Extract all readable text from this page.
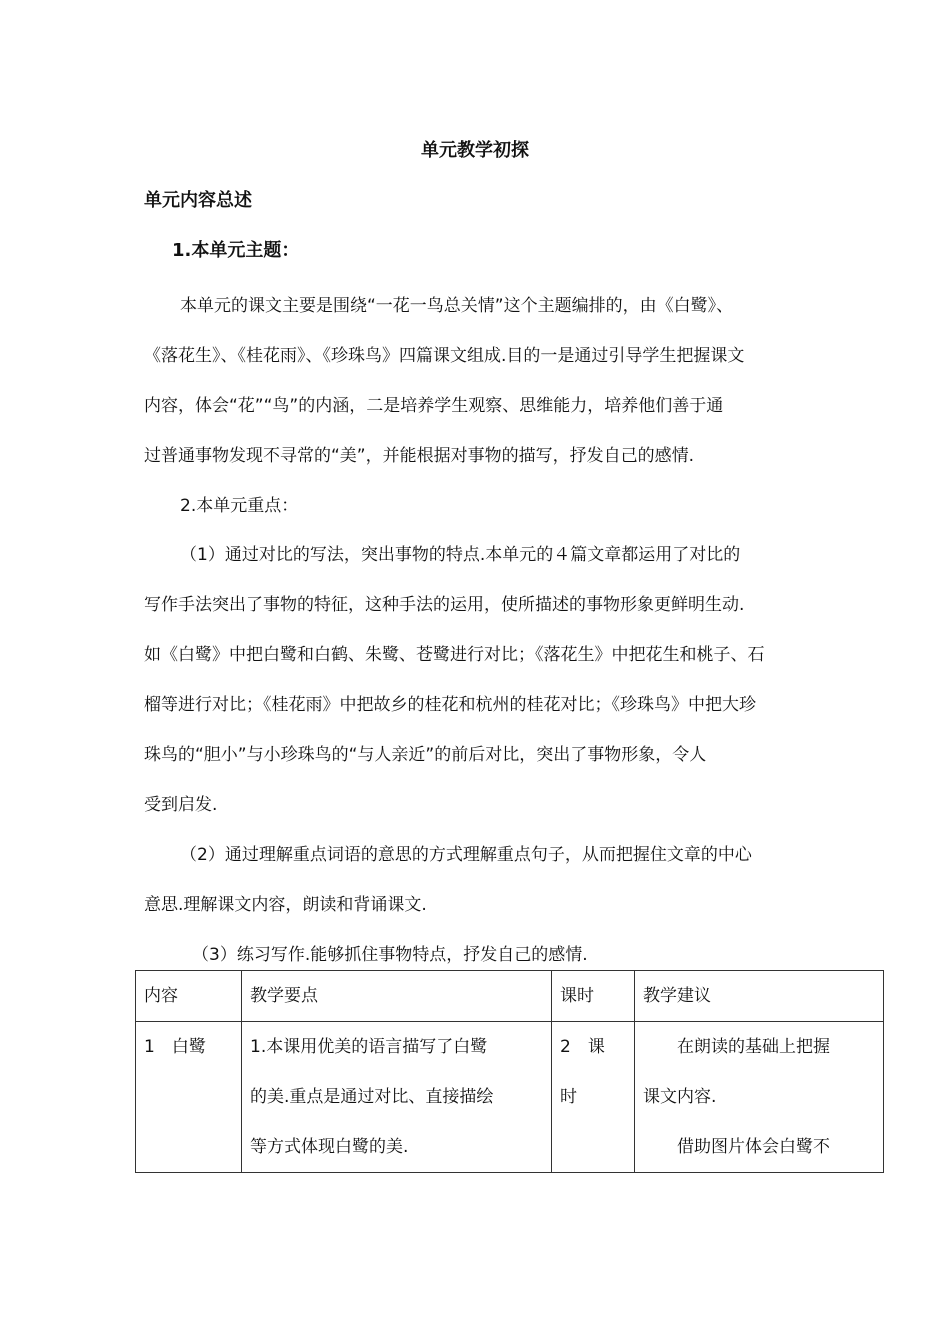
单元教学初探
单元内容总述
1.本单元主题：
本单元的课文主要是围绕“一花一鸟总关情”这个主题编排的，由《白鹭》、
《落花生》、《桂花雨》、《珍珠鸟》四篇课文组成.目的一是通过引导学生把握课文
内容，体会“花”“鸟”的内涵，二是培养学生观察、思维能力，培养他们善于通
过普通事物发现不寻常的“美”，并能根据对事物的描写，抒发自己的感情.
2.本单元重点：
（1）通过对比的写法，突出事物的特点.本单元的４篇文章都运用了对比的
写作手法突出了事物的特征，这种手法的运用，使所描述的事物形象更鲜明生动.
如《白鹭》中把白鹭和白鹤、朱鹭、苍鹭进行对比；《落花生》中把花生和桃子、石
榴等进行对比；《桂花雨》中把故乡的桂花和杭州的桂花对比；《珍珠鸟》中把大珍
珠鸟的“胆小”与小珍珠鸟的“与人亲近”的前后对比，突出了事物形象，令人
受到启发.
（2）通过理解重点词语的意思的方式理解重点句子，从而把握住文章的中心
意思.理解课文内容，朗读和背诵课文.
（3）练习写作.能够抓住事物特点，抒发自己的感情.
内容	教学要点	课时	教学建议

1　白鹭	1.本课用优美的语言描写了白鹭
的美.重点是通过对比、直接描绘
等方式体现白鹭的美.	2　课
时	在朗读的基础上把握
课文内容.
借助图片体会白鹭不
